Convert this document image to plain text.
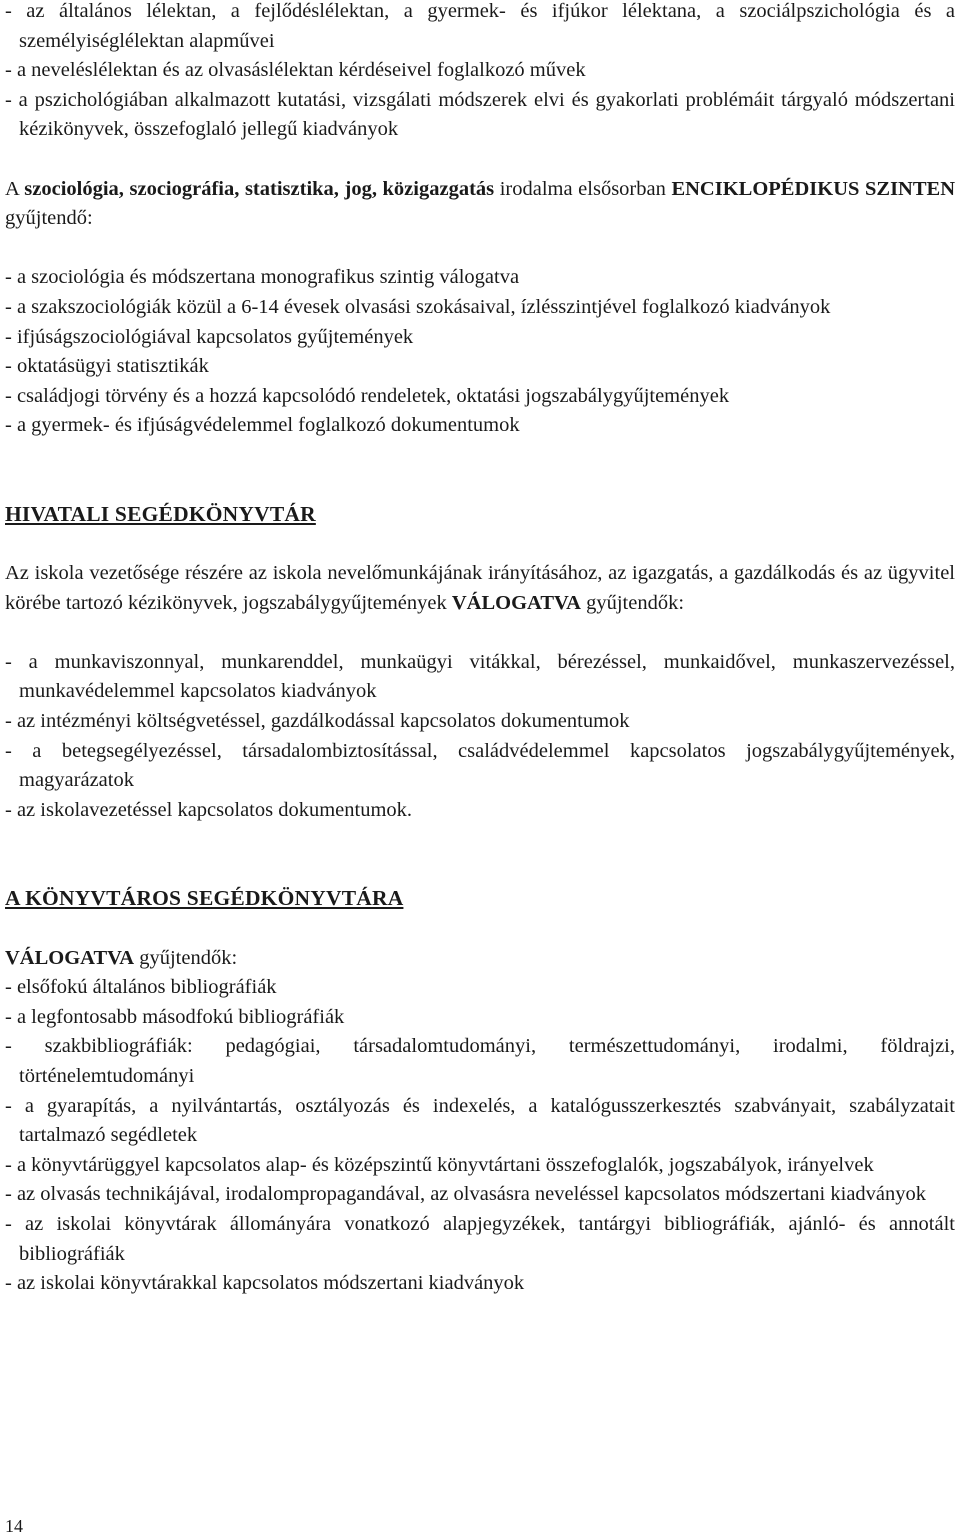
- az általános lélektan, a fejlődéslélektan, a gyermek- és ifjúkor lélektana, a szociálpszichológia és a személyiséglélektan alapművei
- a neveléslélektan és az olvasáslélektan kérdéseivel foglalkozó művek
- a pszichológiában alkalmazott kutatási, vizsgálati módszerek elvi és gyakorlati problémáit tárgyaló módszertani kézikönyvek, összefoglaló jellegű kiadványok
A szociológia, szociográfia, statisztika, jog, közigazgatás irodalma elsősorban ENCIKLOPÉDIKUS SZINTEN gyűjtendő:
- a szociológia és módszertana monografikus szintig válogatva
- a szakszociológiák közül a 6-14 évesek olvasási szokásaival, ízlésszintjével foglalkozó kiadványok
- ifjúságszociológiával kapcsolatos gyűjtemények
- oktatásügyi statisztikák
- családjogi törvény és a hozzá kapcsolódó rendeletek, oktatási jogszabálygyűjtemények
- a gyermek- és ifjúságvédelemmel foglalkozó dokumentumok
HIVATALI SEGÉDKÖNYVTÁR
Az iskola vezetősége részére az iskola nevelőmunkájának irányításához, az igazgatás, a gazdálkodás és az ügyvitel körébe tartozó kézikönyvek, jogszabálygyűjtemények VÁLOGATVA gyűjtendők:
- a munkaviszonnyal, munkarenddel, munkaügyi vitákkal, bérezéssel, munkaidővel, munkaszervezéssel, munkavédelemmel kapcsolatos kiadványok
- az intézményi költségvetéssel, gazdálkodással kapcsolatos dokumentumok
- a betegsegélyezéssel, társadalombiztosítással, családvédelemmel kapcsolatos jogszabálygyűjtemények, magyarázatok
- az iskolavezetéssel kapcsolatos dokumentumok.
A KÖNYVTÁROS SEGÉDKÖNYVTÁRA
VÁLOGATVA gyűjtendők:
- elsőfokú általános bibliográfiák
- a legfontosabb másodfokú bibliográfiák
- szakbibliográfiák: pedagógiai, társadalomtudományi, természettudományi, irodalmi, földrajzi, történelemtudományi
- a gyarapítás, a nyilvántartás, osztályozás és indexelés, a katalógusszerkesztés szabványait, szabályzatait tartalmazó segédletek
- a könyvtárüggyel kapcsolatos alap- és középszintű könyvtártani összefoglalók, jogszabályok, irányelvek
- az olvasás technikájával, irodalompropagandával, az olvasásra neveléssel kapcsolatos módszertani kiadványok
- az iskolai könyvtárak állományára vonatkozó alapjegyzékek, tantárgyi bibliográfiák, ajánló- és annotált bibliográfiák
- az iskolai könyvtárakkal kapcsolatos módszertani kiadványok
14
